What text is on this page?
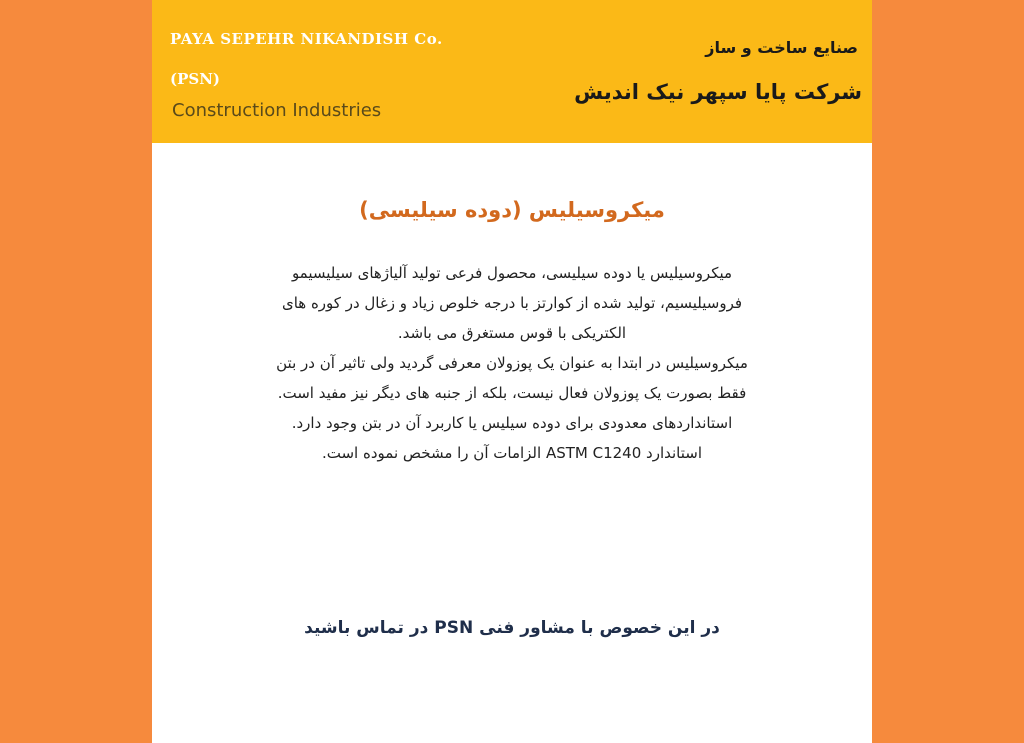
PAYA SEPEHR NIKANDISH Co.
(PSN)
Construction Industries
صنایع ساخت و ساز
شرکت پایا سپهر نیک اندیش
میکروسیلیس (دوده سیلیسی)
میکروسیلیس یا دوده سیلیسی، محصول فرعی تولید آلیاژهای سیلیسیمو
فروسیلیسیم، تولید شده از کوارتز با درجه خلوص زیاد و زغال در کوره های
الکتریکی با قوس مستغرق می باشد.
میکروسیلیس در ابتدا به عنوان یک پوزولان معرفی گردید ولی تاثیر آن در بتن
فقط بصورت یک پوزولان فعال نیست، بلکه از جنبه های دیگر نیز مفید است.
استانداردهای معدودی برای دوده سیلیس یا کاربرد آن در بتن وجود دارد.
استاندارد ASTM C1240 الزامات آن را مشخص نموده است.
در این خصوص با مشاور فنی PSN در تماس باشید
